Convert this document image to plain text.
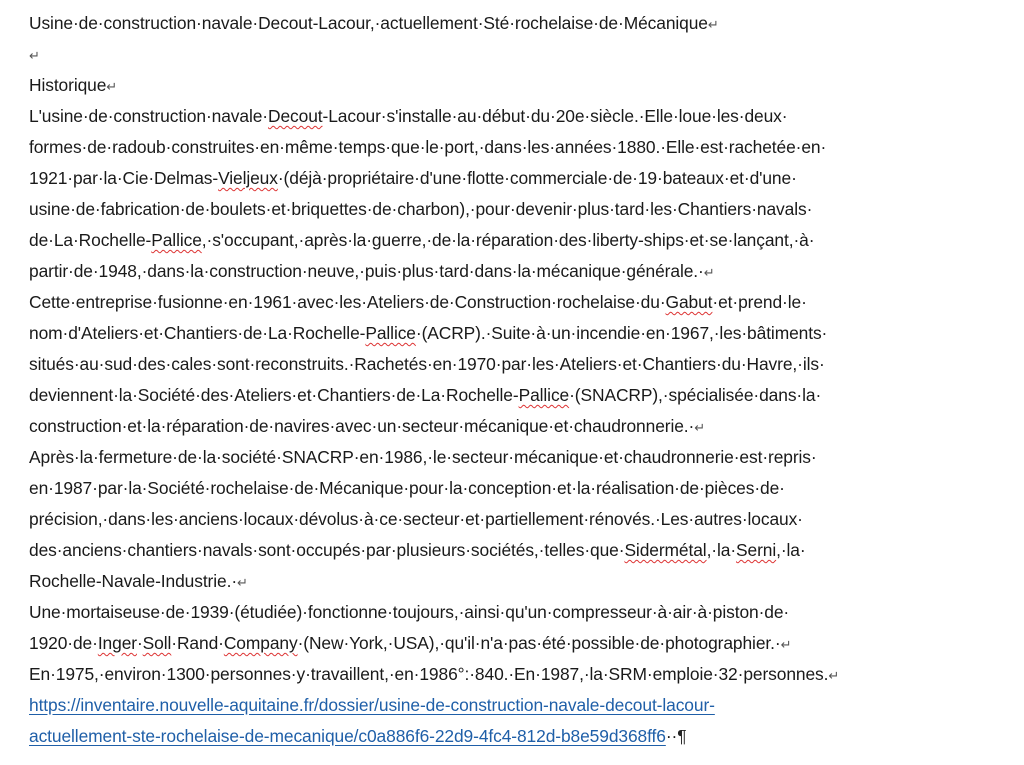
Usine·de·construction·navale·Decout-Lacour,·actuellement·Sté·rochelaise·de·Mécanique↵
↵
Historique↵
L'usine·de·construction·navale·Decout-Lacour·s'installe·au·début·du·20e·siècle.·Elle·loue·les·deux·
formes·de·radoub·construites·en·même·temps·que·le·port,·dans·les·années·1880.·Elle·est·rachetée·en·
1921·par·la·Cie·Delmas-Vieljeux·(déjà·propriétaire·d'une·flotte·commerciale·de·19·bateaux·et·d'une·
usine·de·fabrication·de·boulets·et·briquettes·de·charbon),·pour·devenir·plus·tard·les·Chantiers·navals·
de·La·Rochelle-Pallice,·s'occupant,·après·la·guerre,·de·la·réparation·des·liberty-ships·et·se·lançant,·à·
partir·de·1948,·dans·la·construction·neuve,·puis·plus·tard·dans·la·mécanique·générale.·↵
Cette·entreprise·fusionne·en·1961·avec·les·Ateliers·de·Construction·rochelaise·du·Gabut·et·prend·le·
nom·d'Ateliers·et·Chantiers·de·La·Rochelle-Pallice·(ACRP).·Suite·à·un·incendie·en·1967,·les·bâtiments·
situés·au·sud·des·cales·sont·reconstruits.·Rachetés·en·1970·par·les·Ateliers·et·Chantiers·du·Havre,·ils·
deviennent·la·Société·des·Ateliers·et·Chantiers·de·La·Rochelle-Pallice·(SNACRP),·spécialisée·dans·la·
construction·et·la·réparation·de·navires·avec·un·secteur·mécanique·et·chaudronnerie.·↵
Après·la·fermeture·de·la·société·SNACRP·en·1986,·le·secteur·mécanique·et·chaudronnerie·est·repris·
en·1987·par·la·Société·rochelaise·de·Mécanique·pour·la·conception·et·la·réalisation·de·pièces·de·
précision,·dans·les·anciens·locaux·dévolus·à·ce·secteur·et·partiellement·rénovés.·Les·autres·locaux·
des·anciens·chantiers·navals·sont·occupés·par·plusieurs·sociétés,·telles·que·Sidermétal,·la·Serni,·la·
Rochelle-Navale-Industrie.·↵
Une·mortaiseuse·de·1939·(étudiée)·fonctionne·toujours,·ainsi·qu'un·compresseur·à·air·à·piston·de·
1920·de·Inger·Soll·Rand·Company·(New·York,·USA),·qu'il·n'a·pas·été·possible·de·photographier.·↵
En·1975,·environ·1300·personnes·y·travaillent,·en·1986°:·840.·En·1987,·la·SRM·emploie·32·personnes.↵
https://inventaire.nouvelle-aquitaine.fr/dossier/usine-de-construction-navale-decout-lacour-
actuellement-ste-rochelaise-de-mecanique/c0a886f6-22d9-4fc4-812d-b8e59d368ff6··¶
